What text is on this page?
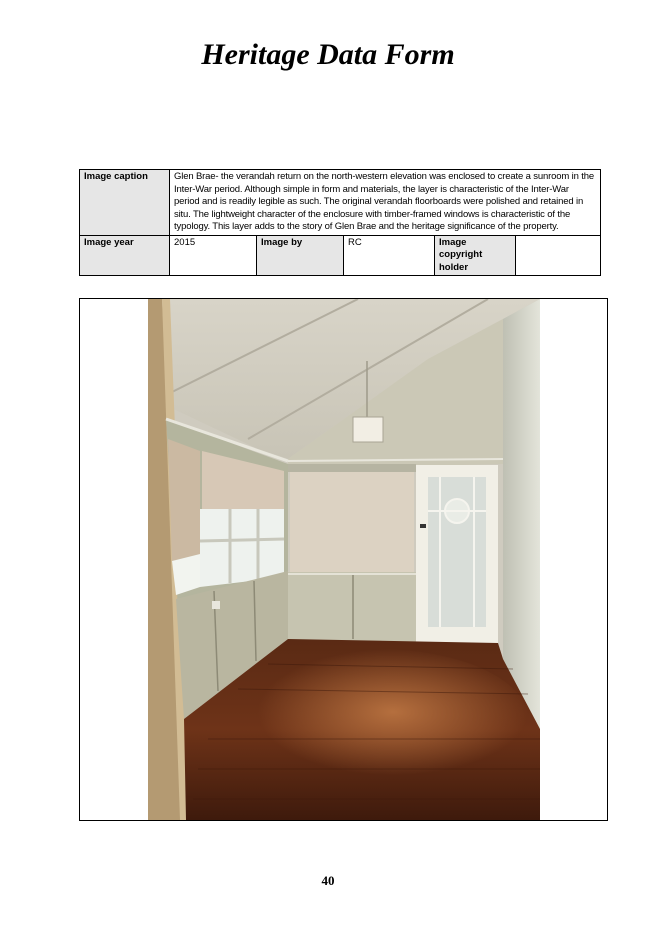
Heritage Data Form
Image caption	Glen Brae- the verandah return on the north-western elevation was enclosed to create a sunroom in the Inter-War period. Although simple in form and materials, the layer is characteristic of the Inter-War period and is readily legible as such. The original verandah floorboards were polished and retained in situ. The lightweight character of the enclosure with timber-framed windows is characteristic of the typology. This layer adds to the story of Glen Brae and the heritage significance of the property.				
Image year	2015	Image by	RC	Image copyright holder	
40
